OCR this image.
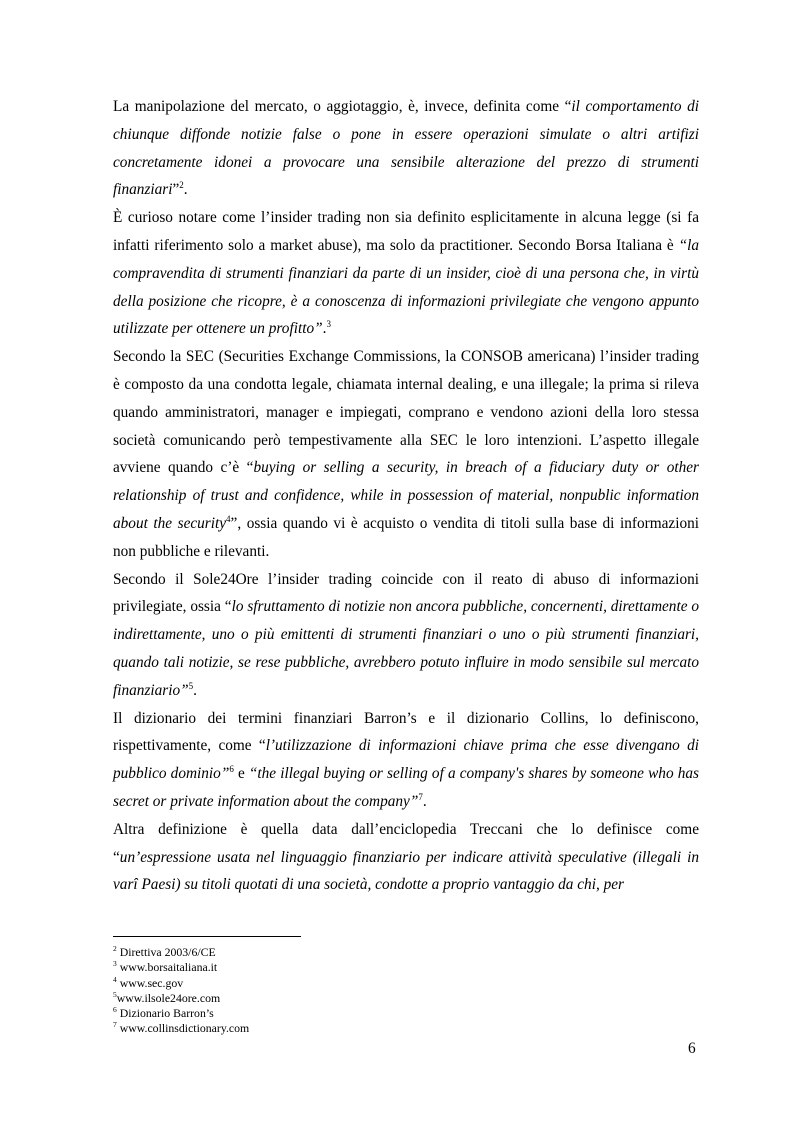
La manipolazione del mercato, o aggiotaggio, è, invece, definita come “il comportamento di chiunque diffonde notizie false o pone in essere operazioni simulate o altri artifizi concretamente idonei a provocare una sensibile alterazione del prezzo di strumenti finanziari”$^2$.

È curioso notare come l’insider trading non sia definito esplicitamente in alcuna legge (si fa infatti riferimento solo a market abuse), ma solo da practitioner. Secondo Borsa Italiana è “la compravendita di strumenti finanziari da parte di un insider, cioè di una persona che, in virtù della posizione che ricopre, è a conoscenza di informazioni privilegiate che vengono appunto utilizzate per ottenere un profitto”.$^3$

Secondo la SEC (Securities Exchange Commissions, la CONSOB americana) l’insider trading è composto da una condotta legale, chiamata internal dealing, e una illegale; la prima si rileva quando amministratori, manager e impiegati, comprano e vendono azioni della loro stessa società comunicando però tempestivamente alla SEC le loro intenzioni. L’aspetto illegale avviene quando c’è “buying or selling a security, in breach of a fiduciary duty or other relationship of trust and confidence, while in possession of material, nonpublic information about the security$^4$”, ossia quando vi è acquisto o vendita di titoli sulla base di informazioni non pubbliche e rilevanti.

Secondo il Sole24Ore l’insider trading coincide con il reato di abuso di informazioni privilegiate, ossia “lo sfruttamento di notizie non ancora pubbliche, concernenti, direttamente o indirettamente, uno o più emittenti di strumenti finanziari o uno o più strumenti finanziari, quando tali notizie, se rese pubbliche, avrebbero potuto influire in modo sensibile sul mercato finanziario”$^5$.

Il dizionario dei termini finanziari Barron’s e il dizionario Collins, lo definiscono, rispettivamente, come “l’utilizzazione di informazioni chiave prima che esse divengano di pubblico dominio”$^6$ e “the illegal buying or selling of a company's shares by someone who has secret or private information about the company”$^7$.

Altra definizione è quella data dall’enciclopedia Treccani che lo definisce come “un’espressione usata nel linguaggio finanziario per indicare attività speculative (illegali in varî Paesi) su titoli quotati di una società, condotte a proprio vantaggio da chi, per

$^2$ Direttiva 2003/6/CE
$^3$ www.borsaitaliana.it
$^4$ www.sec.gov
$^5$www.ilsole24ore.com
$^6$ Dizionario Barron’s
$^7$ www.collinsdictionary.com
6
